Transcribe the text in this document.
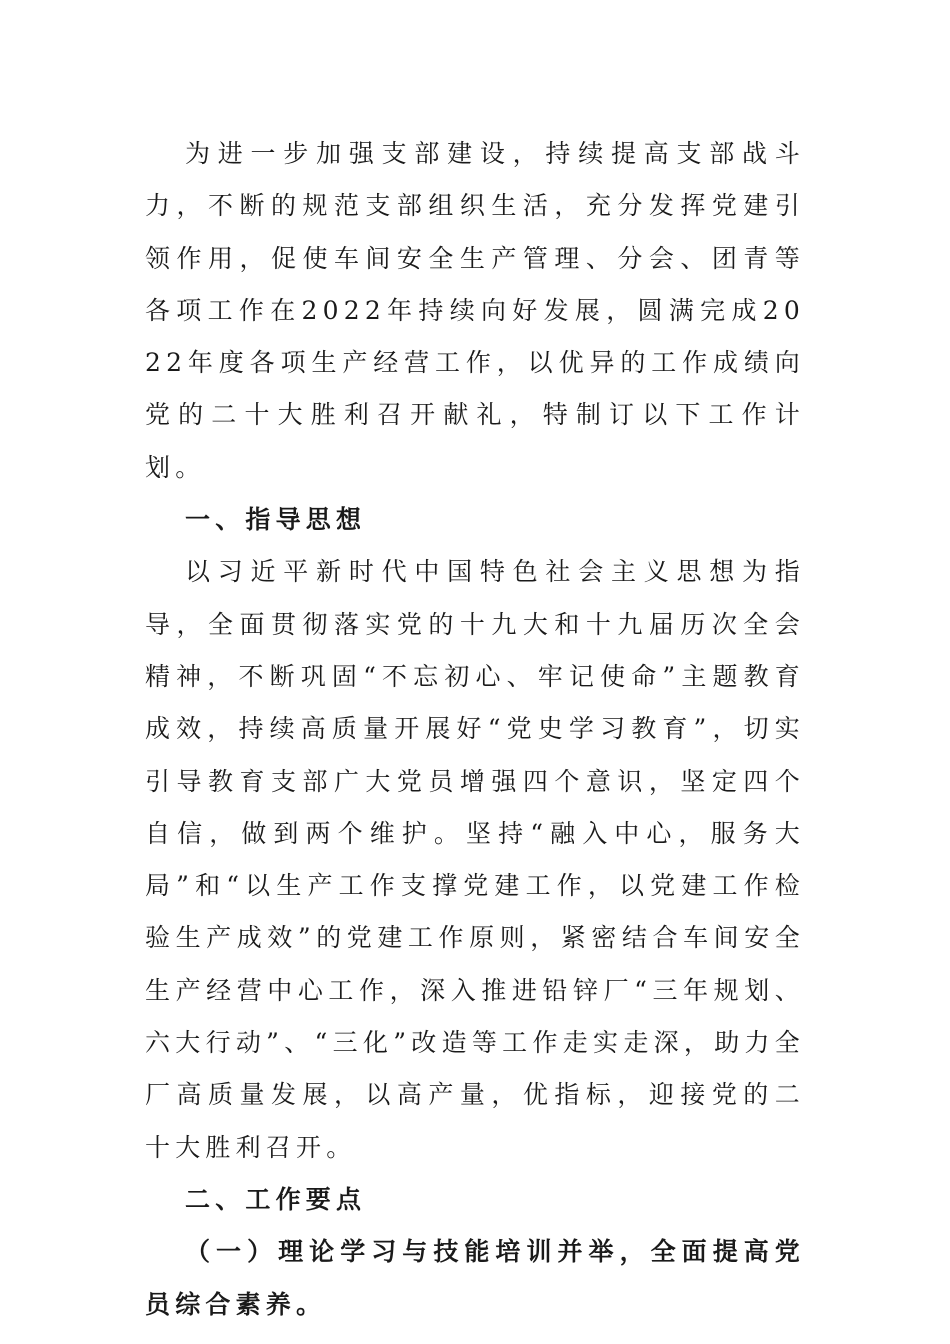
为进一步加强支部建设，持续提高支部战斗力，不断的规范支部组织生活，充分发挥党建引领作用，促使车间安全生产管理、分会、团青等各项工作在2022年持续向好发展，圆满完成2022年度各项生产经营工作，以优异的工作成绩向党的二十大胜利召开献礼，特制订以下工作计划。

一、指导思想

以习近平新时代中国特色社会主义思想为指导，全面贯彻落实党的十九大和十九届历次全会精神，不断巩固“不忘初心、牢记使命”主题教育成效，持续高质量开展好“党史学习教育”，切实引导教育支部广大党员增强四个意识，坚定四个自信，做到两个维护。坚持“融入中心，服务大局”和“以生产工作支撑党建工作，以党建工作检验生产成效”的党建工作原则，紧密结合车间安全生产经营中心工作，深入推进铅锌厂“三年规划、六大行动”、“三化”改造等工作走实走深，助力全厂高质量发展，以高产量，优指标，迎接党的二十大胜利召开。

二、工作要点

（一）理论学习与技能培训并举，全面提高党员综合素养。
